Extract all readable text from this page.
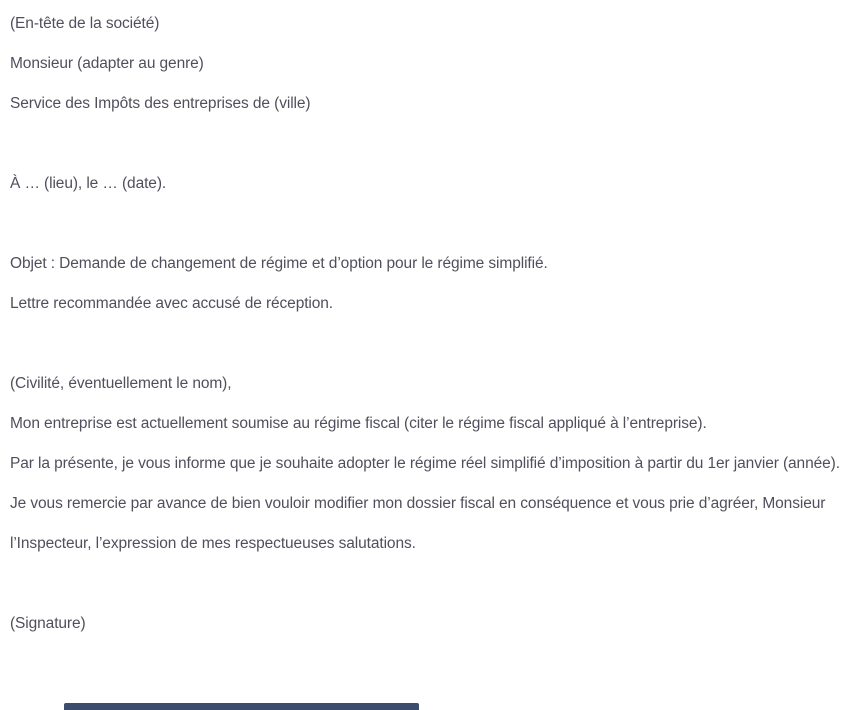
(En-tête de la société)

Monsieur (adapter au genre)

Service des Impôts des entreprises de (ville)

À … (lieu), le … (date).

Objet : Demande de changement de régime et d’option pour le régime simplifié.

Lettre recommandée avec accusé de réception.

(Civilité, éventuellement le nom),

Mon entreprise est actuellement soumise au régime fiscal (citer le régime fiscal appliqué à l’entreprise).

Par la présente, je vous informe que je souhaite adopter le régime réel simplifié d’imposition à partir du 1er janvier (année).

Je vous remercie par avance de bien vouloir modifier mon dossier fiscal en conséquence et vous prie d’agréer, Monsieur l’Inspecteur, l’expression de mes respectueuses salutations.

(Signature)
